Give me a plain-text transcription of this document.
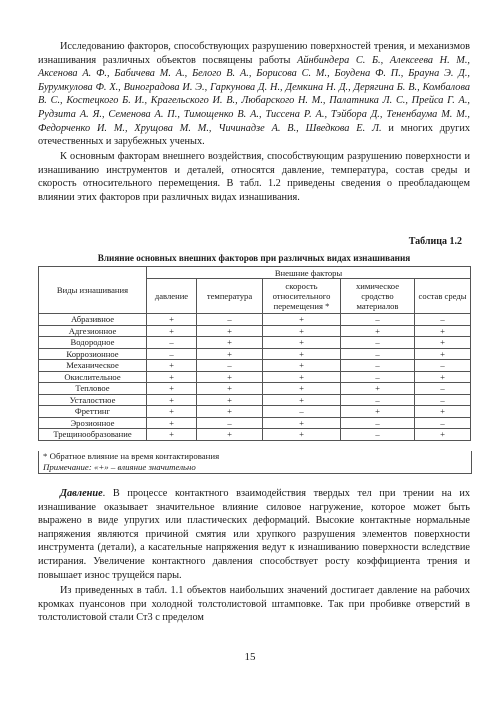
Исследованию факторов, способствующих разрушению поверхностей трения, и механизмов изнашивания различных объектов посвящены работы Айнбиндера С. Б., Алексеева Н. М., Аксенова А. Ф., Бабичева М. А., Белого В. А., Борисова С. М., Боудена Ф. П., Брауна Э. Д., Бурумкулова Ф. Х., Виноградова И. Э., Гаркунова Д. Н., Демкина Н. Д., Дерягина Б. В., Комбалова В. С., Костецкого Б. И., Крагельского И. В., Любарского Н. М., Палатника Л. С., Прейса Г. А., Рудзита А. Я., Семенова А. П., Тимощенко В. А., Тиссена Р. А., Тэйбора Д., Тененбаума М. М., Федорченко И. М., Хрущова М. М., Чичинадзе А. В., Шведкова Е. Л. и многих других отечественных и зарубежных ученых.

К основным факторам внешнего воздействия, способствующим разрушению поверхности и изнашиванию инструментов и деталей, относятся давление, температура, состав среды и скорость относительного перемещения. В табл. 1.2 приведены сведения о преобладающем влиянии этих факторов при различных видах изнашивания.

Таблица 1.2
Влияние основных внешних факторов при различных видах изнашивания
Виды изнашивания	Внешние факторы				
	давление	температура	скорость относительного перемещения *	химическое сродство материалов	состав среды
Абразивное	+	–	+	–	–
Адгезионное	+	+	+	+	+
Водородное	–	+	+	–	+
Коррозионное	–	+	+	–	+
Механическое	+	–	+	–	–
Окислительное	+	+	+	–	+
Тепловое	+	+	+	+	–
Усталостное	+	+	+	–	–
Фреттинг	+	+	–	+	+
Эрозионное	+	–	+	–	–
Трещинообразование	+	+	+	–	+
* Обратное влияние на время контактирования
Примечание: «+» – влияние значительно

Давление. В процессе контактного взаимодействия твердых тел при трении на их изнашивание оказывает значительное влияние силовое нагружение, которое может быть выражено в виде упругих или пластических деформаций. Высокие контактные нормальные напряжения являются причиной смятия или хрупкого разрушения элементов поверхности инструмента (детали), а касательные напряжения ведут к изнашиванию поверхности вследствие истирания. Увеличение контактного давления способствует росту коэффициента трения и повышает износ трущейся пары.

Из приведенных в табл. 1.1 объектов наибольших значений достигает давление на рабочих кромках пуансонов при холодной толстолистовой штамповке. Так при пробивке отверстий в толстолистовой стали Ст3 с пределом

15
